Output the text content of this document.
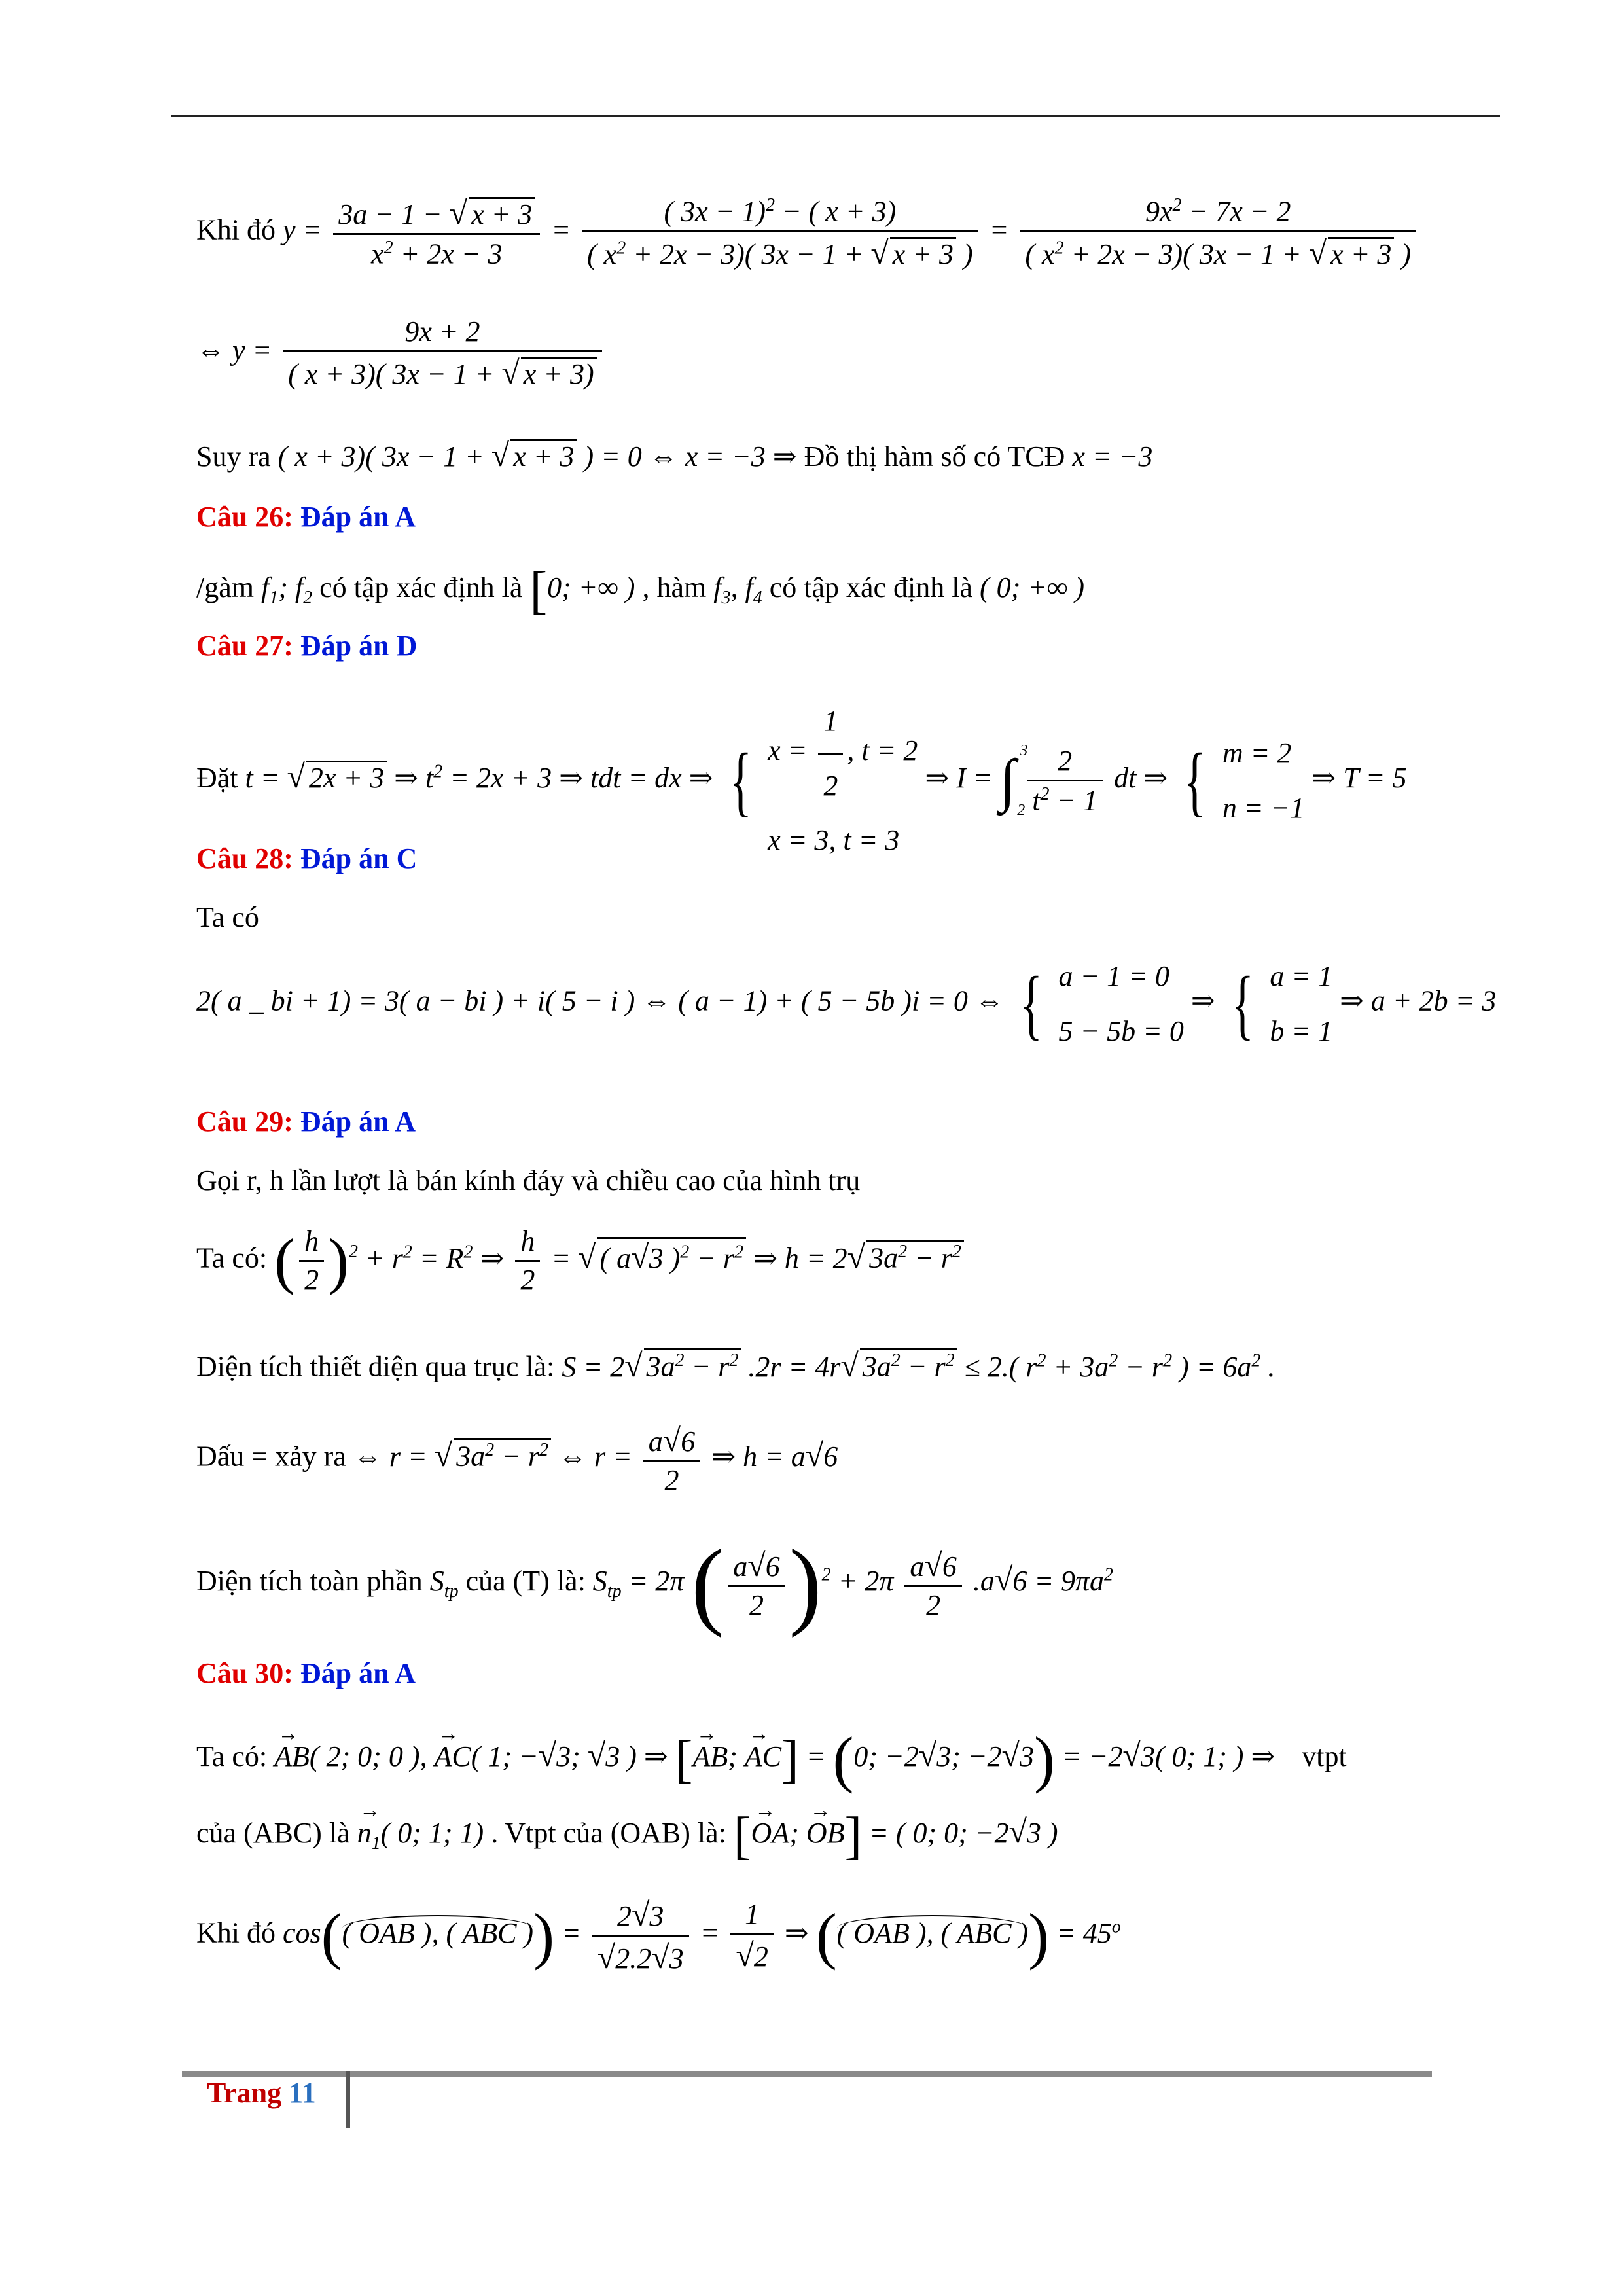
Khi đó $y = \frac{3a - 1 - √ x + 3}{x^2 + 2x - 3} = \frac{( 3x - 1)^2 - ( x + 3)}{( x^2 + 2x - 3)( 3x - 1 + √ x + 3 )} = \frac{9x^2 - 7x - 2}{( x^2 + 2x - 3)( 3x - 1 + √ x + 3 )}$
⇔ $y = \frac{9x + 2}{( x + 3)( 3x - 1 + √ x + 3)}$
Suy ra ( x + 3)( 3x − 1 + √ x + 3 ) = 0 ⇔ x = −3 ⇒ Đồ thị hàm số có TCĐ x = −3
Câu 26: Đáp án A
/gàm $f_1$; $f_2$ có tập xác định là [0; +∞ ) , hàm $f_3$, $f_4$ có tập xác định là ( 0; +∞ )
Câu 27: Đáp án D
Đặt t = √ 2x + 3 ⇒ $t^2 = 2x + 3$ ⇒ tdt = dx ⇒ { $x = \frac{1}{2}$ , t = 2
x = 3, t = 3
⇒ I = ∫ 3
2
$\frac{2}{t^2 - 1}$ dt ⇒ { m = 2
n = −1
⇒ T = 5
Câu 28: Đáp án C
Ta có
2( a _ bi + 1) = 3( a − bi ) + i( 5 − i ) ⇔ ( a − 1) + ( 5 − 5b )i = 0 ⇔ { a − 1 = 0
5 − 5b = 0
⇒ { a = 1
b = 1
⇒ a + 2b = 3
Câu 29: Đáp án A
Gọi r, h lần lượt là bán kính đáy và chiều cao của hình trụ
Ta có: ( $\frac{h}{2} )^2 + r^2 = R^2$ ⇒ $\frac{h}{2}$ = √ ( a√3 )$^2 - r^2$ ⇒ h = 2√ $3a^2 - r^2$
Diện tích thiết diện qua trục là: S = 2√ $3a^2 - r^2$ .2r = 4r√ $3a^2 - r^2 \le 2$.( $r^2 + 3a^2 - r^2$ ) = $6a^2$ .
Dấu = xảy ra ⇔ r = √ $3a^2 - r^2$ ⇔ $r = \frac{a√6}{2}$ ⇒ h = a√6
Diện tích toàn phần $S_{tp}$ của (T) là: $S_{tp} = 2\pi$ ( $\frac{a√6}{2} )^2 + 2\pi \frac{a√6}{2} .a√6 = 9\pi a^2$
Câu 30: Đáp án A
Ta có: → AB( 2; 0; 0 ), → AC( 1; −√3; √3 ) ⇒ [→ AB; → AC] = (0; −2√3; −2√3) = −2√3( 0; 1; ) ⇒ vtpt
của (ABC) là → $n_1$( 0; 1; 1) . Vtpt của (OAB) là: [→ OA; → OB] = ( 0; 0; −2√3 )
Khi đó cos(( OAB ), ( ABC )) = $\frac{2√3}{√2.2√3} = \frac{1}{√2}$ ⇒ (( OAB ), ( ABC )) = $45^o$
Trang 11
